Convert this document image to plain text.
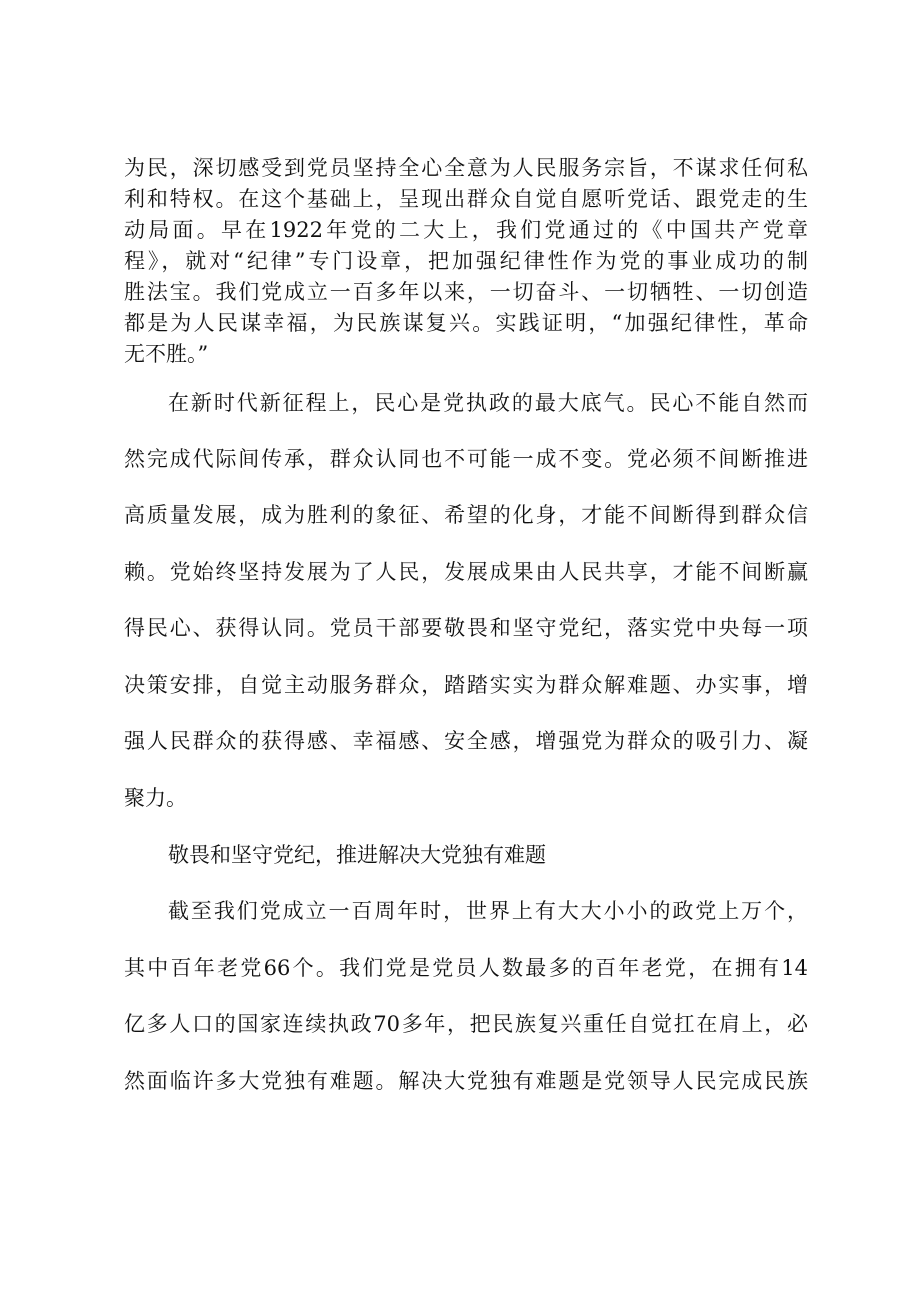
为民，深切感受到党员坚持全心全意为人民服务宗旨，不谋求任何私
利和特权。在这个基础上，呈现出群众自觉自愿听党话、跟党走的生
动局面。早在1922年党的二大上，我们党通过的《中国共产党章
程》，就对“纪律”专门设章，把加强纪律性作为党的事业成功的制
胜法宝。我们党成立一百多年以来，一切奋斗、一切牺牲、一切创造
都是为人民谋幸福，为民族谋复兴。实践证明，“加强纪律性，革命
无不胜。”
在新时代新征程上，民心是党执政的最大底气。民心不能自然而
然完成代际间传承，群众认同也不可能一成不变。党必须不间断推进
高质量发展，成为胜利的象征、希望的化身，才能不间断得到群众信
赖。党始终坚持发展为了人民，发展成果由人民共享，才能不间断赢
得民心、获得认同。党员干部要敬畏和坚守党纪，落实党中央每一项
决策安排，自觉主动服务群众，踏踏实实为群众解难题、办实事，增
强人民群众的获得感、幸福感、安全感，增强党为群众的吸引力、凝
聚力。
敬畏和坚守党纪，推进解决大党独有难题
截至我们党成立一百周年时，世界上有大大小小的政党上万个，
其中百年老党66个。我们党是党员人数最多的百年老党，在拥有14
亿多人口的国家连续执政70多年，把民族复兴重任自觉扛在肩上，必
然面临许多大党独有难题。解决大党独有难题是党领导人民完成民族
